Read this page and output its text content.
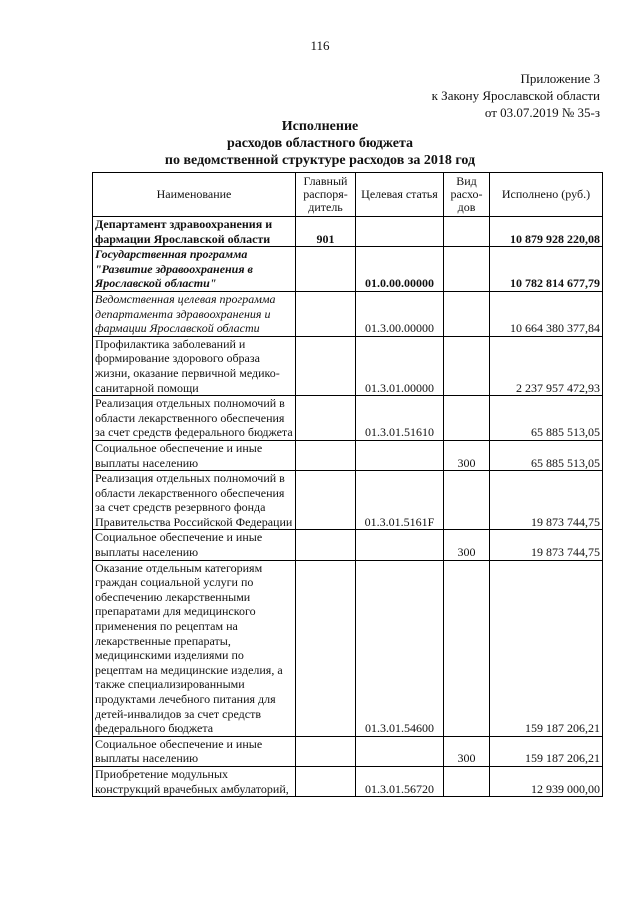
116
Приложение 3
к Закону Ярославской области
от 03.07.2019 № 35-з
Исполнение
расходов областного бюджета
по ведомственной структуре расходов за 2018 год
Наименование	Главный распоря-дитель	Целевая статья	Вид расхо-дов	Исполнено (руб.)
Департамент здравоохранения и фармации Ярославской области	901			10 879 928 220,08
Государственная программа "Развитие здравоохранения в Ярославской области"		01.0.00.00000		10 782 814 677,79
Ведомственная целевая программа департамента здравоохранения и фармации Ярославской области		01.3.00.00000		10 664 380 377,84
Профилактика заболеваний и формирование здорового образа жизни, оказание первичной медико-санитарной помощи		01.3.01.00000		2 237 957 472,93
Реализация отдельных полномочий в области лекарственного обеспечения за счет средств федерального бюджета		01.3.01.51610		65 885 513,05
Социальное обеспечение и иные выплаты населению			300	65 885 513,05
Реализация отдельных полномочий в области лекарственного обеспечения за счет средств резервного фонда Правительства Российской Федерации		01.3.01.5161F		19 873 744,75
Социальное обеспечение и иные выплаты населению			300	19 873 744,75
Оказание отдельным категориям граждан социальной услуги по обеспечению лекарственными препаратами для медицинского применения по рецептам на лекарственные препараты, медицинскими изделиями по рецептам на медицинские изделия, а также специализированными продуктами лечебного питания для детей-инвалидов за счет средств федерального бюджета		01.3.01.54600		159 187 206,21
Социальное обеспечение и иные выплаты населению			300	159 187 206,21
Приобретение модульных конструкций врачебных амбулаторий,		01.3.01.56720		12 939 000,00
